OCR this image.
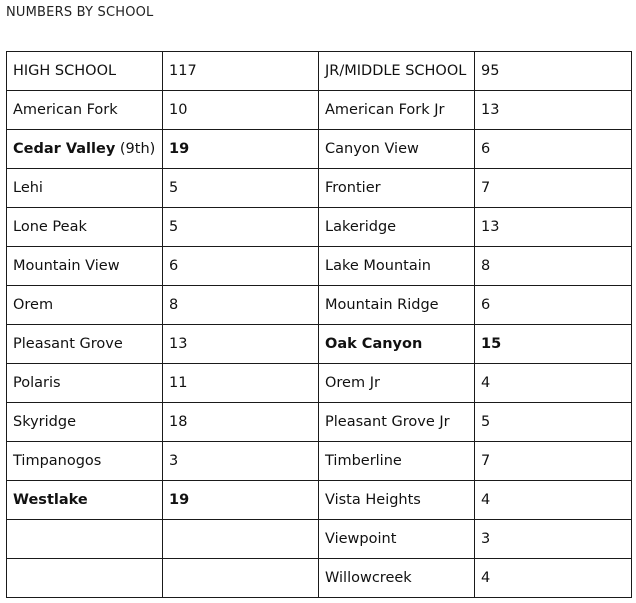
NUMBERS BY SCHOOL
HIGH SCHOOL	117	JR/MIDDLE SCHOOL	95
American Fork	10	American Fork Jr	13
Cedar Valley (9th)	19	Canyon View	6
Lehi	5	Frontier	7
Lone Peak	5	Lakeridge	13
Mountain View	6	Lake Mountain	8
Orem	8	Mountain Ridge	6
Pleasant Grove	13	Oak Canyon	15
Polaris	11	Orem Jr	4
Skyridge	18	Pleasant Grove Jr	5
Timpanogos	3	Timberline	7
Westlake	19	Vista Heights	4
		Viewpoint	3
		Willowcreek	4
